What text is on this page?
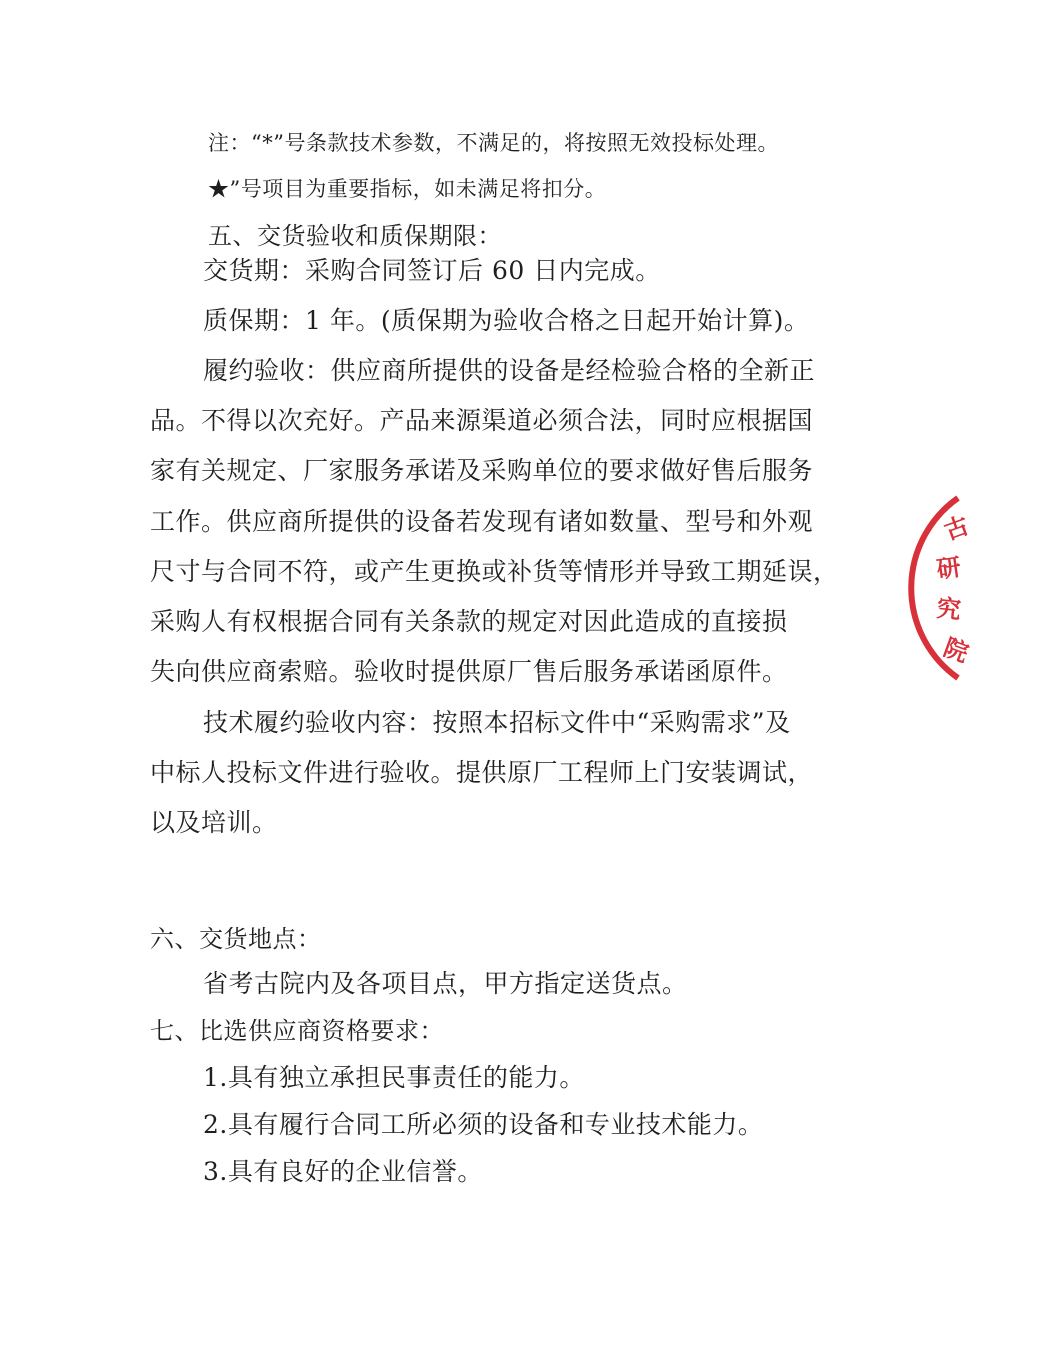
注：“*”号条款技术参数，不满足的，将按照无效投标处理。
★”号项目为重要指标，如未满足将扣分。
五、交货验收和质保期限：
交货期：采购合同签订后 60 日内完成。
质保期：1 年。(质保期为验收合格之日起开始计算)。
履约验收：供应商所提供的设备是经检验合格的全新正
品。不得以次充好。产品来源渠道必须合法，同时应根据国
家有关规定、厂家服务承诺及采购单位的要求做好售后服务
工作。供应商所提供的设备若发现有诸如数量、型号和外观
尺寸与合同不符，或产生更换或补货等情形并导致工期延误，
采购人有权根据合同有关条款的规定对因此造成的直接损
失向供应商索赔。验收时提供原厂售后服务承诺函原件。
技术履约验收内容：按照本招标文件中“采购需求”及
中标人投标文件进行验收。提供原厂工程师上门安装调试，
以及培训。
六、交货地点：
省考古院内及各项目点，甲方指定送货点。
七、比选供应商资格要求：
1.具有独立承担民事责任的能力。
2.具有履行合同工所必须的设备和专业技术能力。
3.具有良好的企业信誉。
古
研
究
院
